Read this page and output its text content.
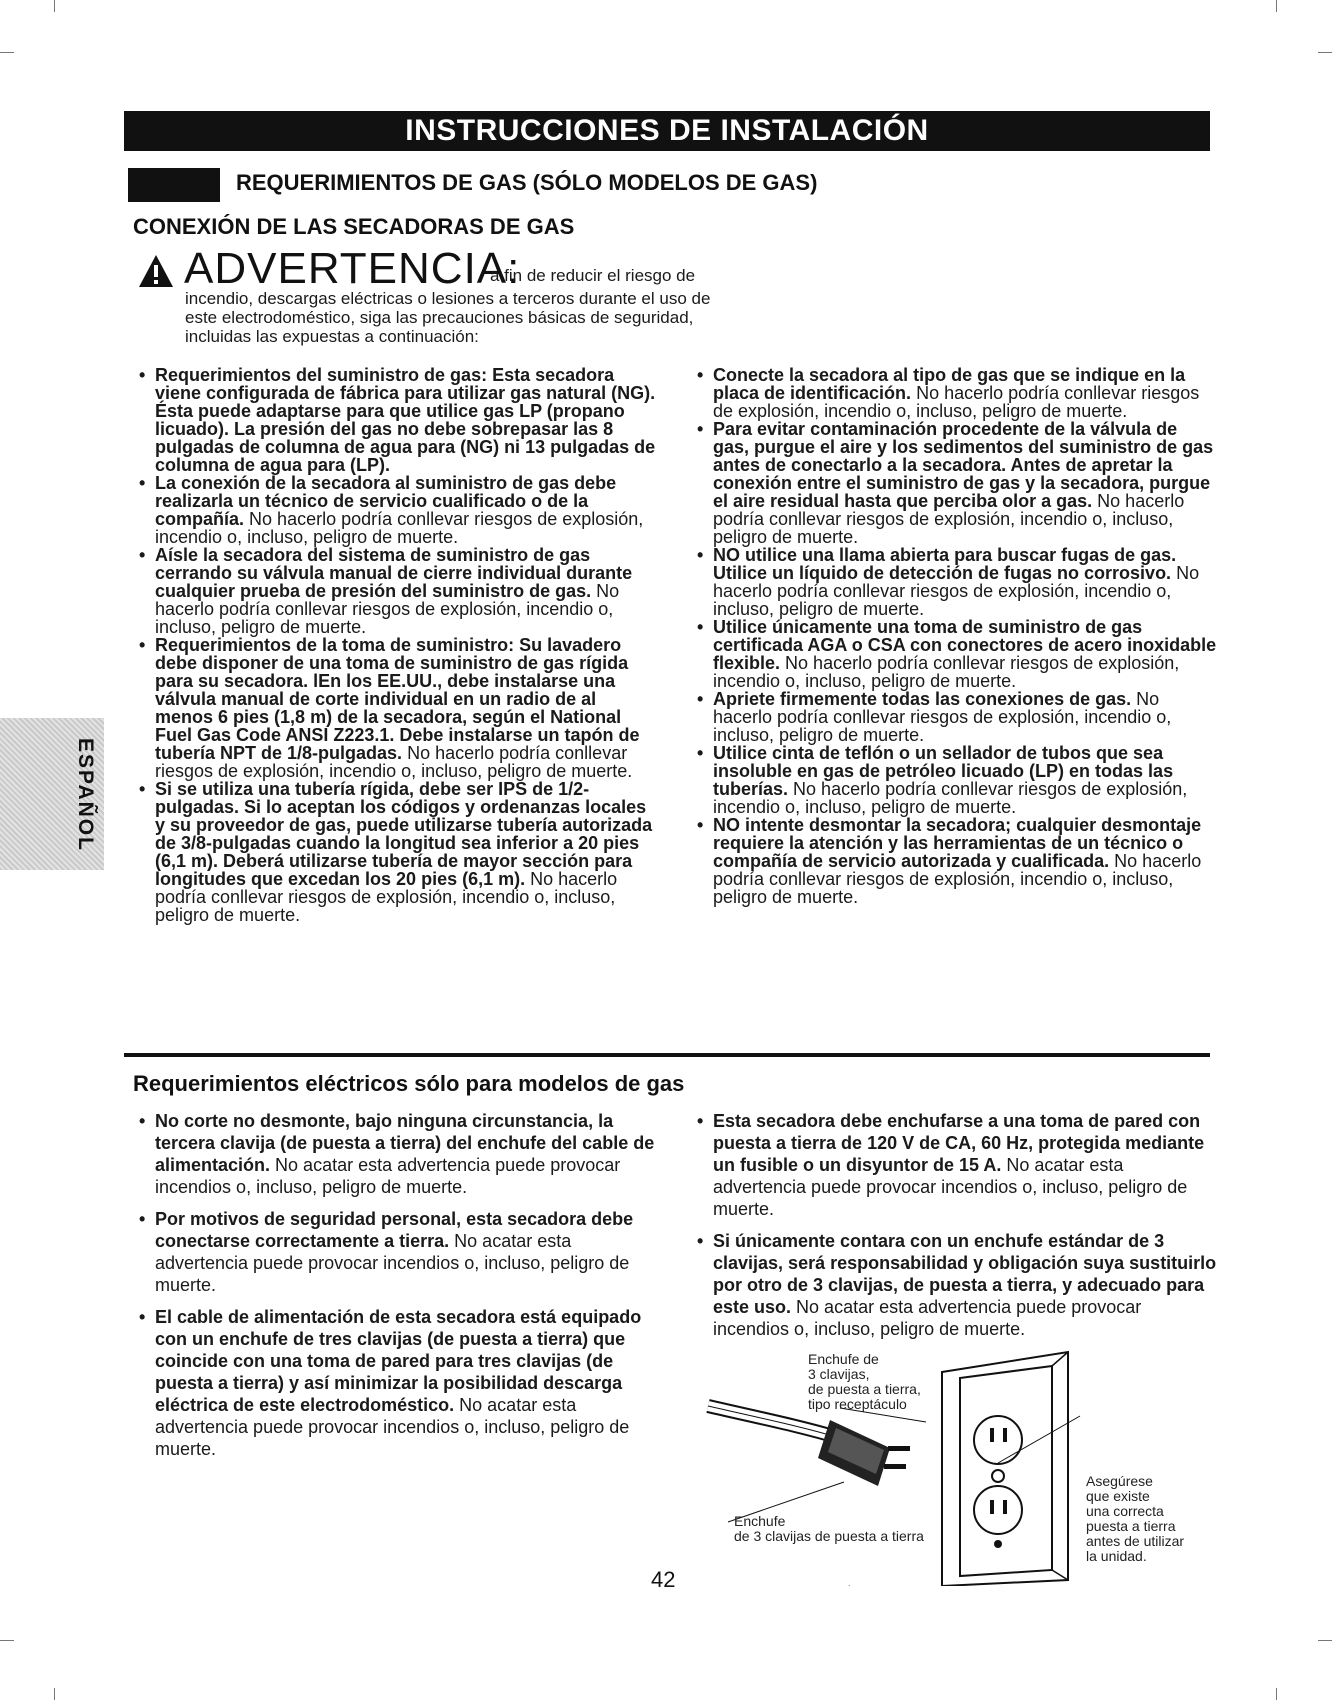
INSTRUCCIONES DE INSTALACIÓN
REQUERIMIENTOS DE GAS (SÓLO MODELOS DE GAS)
CONEXIÓN DE LAS SECADORAS DE GAS
ADVERTENCIA:
a fin de reducir el riesgo de
incendio, descargas eléctricas o lesiones a terceros durante el uso de este electrodoméstico, siga las precauciones básicas de seguridad, incluidas las expuestas a continuación:
• Requerimientos del suministro de gas: Esta secadora viene configurada de fábrica para utilizar gas natural (NG). Ésta puede adaptarse para que utilice gas LP (propano licuado). La presión del gas no debe sobrepasar las 8 pulgadas de columna de agua para (NG) ni 13 pulgadas de columna de agua para (LP).
• La conexión de la secadora al suministro de gas debe realizarla un técnico de servicio cualificado o de la compañía. No hacerlo podría conllevar riesgos de explosión, incendio o, incluso, peligro de muerte.
• Aísle la secadora del sistema de suministro de gas cerrando su válvula manual de cierre individual durante cualquier prueba de presión del suministro de gas. No hacerlo podría conllevar riesgos de explosión, incendio o, incluso, peligro de muerte.
• Requerimientos de la toma de suministro: Su lavadero debe disponer de una toma de suministro de gas rígida para su secadora. lEn los EE.UU., debe instalarse una válvula manual de corte individual en un radio de al menos 6 pies (1,8 m) de la secadora, según el National Fuel Gas Code ANSI Z223.1. Debe instalarse un tapón de tubería NPT de 1/8-pulgadas. No hacerlo podría conllevar riesgos de explosión, incendio o, incluso, peligro de muerte.
• Si se utiliza una tubería rígida, debe ser IPS de 1/2-pulgadas. Si lo aceptan los códigos y ordenanzas locales y su proveedor de gas, puede utilizarse tubería autorizada de 3/8-pulgadas cuando la longitud sea inferior a 20 pies (6,1 m). Deberá utilizarse tubería de mayor sección para longitudes que excedan los 20 pies (6,1 m). No hacerlo podría conllevar riesgos de explosión, incendio o, incluso, peligro de muerte.
• Conecte la secadora al tipo de gas que se indique en la placa de identificación. No hacerlo podría conllevar riesgos de explosión, incendio o, incluso, peligro de muerte.
• Para evitar contaminación procedente de la válvula de gas, purgue el aire y los sedimentos del suministro de gas antes de conectarlo a la secadora. Antes de apretar la conexión entre el suministro de gas y la secadora, purgue el aire residual hasta que perciba olor a gas. No hacerlo podría conllevar riesgos de explosión, incendio o, incluso, peligro de muerte.
• NO utilice una llama abierta para buscar fugas de gas. Utilice un líquido de detección de fugas no corrosivo. No hacerlo podría conllevar riesgos de explosión, incendio o, incluso, peligro de muerte.
• Utilice únicamente una toma de suministro de gas certificada AGA o CSA con conectores de acero inoxidable flexible. No hacerlo podría conllevar riesgos de explosión, incendio o, incluso, peligro de muerte.
• Apriete firmemente todas las conexiones de gas. No hacerlo podría conllevar riesgos de explosión, incendio o, incluso, peligro de muerte.
• Utilice cinta de teflón o un sellador de tubos que sea insoluble en gas de petróleo licuado (LP) en todas las tuberías. No hacerlo podría conllevar riesgos de explosión, incendio o, incluso, peligro de muerte.
• NO intente desmontar la secadora; cualquier desmontaje requiere la atención y las herramientas de un técnico o compañía de servicio autorizada y cualificada. No hacerlo podría conllevar riesgos de explosión, incendio o, incluso, peligro de muerte.
ESPAÑOL
Requerimientos eléctricos sólo para modelos de gas
• No corte no desmonte, bajo ninguna circunstancia, la tercera clavija (de puesta a tierra) del enchufe del cable de alimentación. No acatar esta advertencia puede provocar incendios o, incluso, peligro de muerte.
• Por motivos de seguridad personal, esta secadora debe conectarse correctamente a tierra. No acatar esta advertencia puede provocar incendios o, incluso, peligro de muerte.
• El cable de alimentación de esta secadora está equipado con un enchufe de tres clavijas (de puesta a tierra) que coincide con una toma de pared para tres clavijas (de puesta a tierra) y así minimizar la posibilidad descarga eléctrica de este electrodoméstico. No acatar esta advertencia puede provocar incendios o, incluso, peligro de muerte.
• Esta secadora debe enchufarse a una toma de pared con puesta a tierra de 120 V de CA, 60 Hz, protegida mediante un fusible o un disyuntor de 15 A. No acatar esta advertencia puede provocar incendios o, incluso, peligro de muerte.
• Si únicamente contara con un enchufe estándar de 3 clavijas, será responsabilidad y obligación suya sustituirlo por otro de 3 clavijas, de puesta a tierra, y adecuado para este uso. No acatar esta advertencia puede provocar incendios o, incluso, peligro de muerte.
Enchufe de
3 clavijas,
de puesta a tierra,
tipo receptáculo
Enchufe
de 3 clavijas de puesta a tierra
Asegúrese
que existe
una correcta
puesta a tierra
antes de utilizar
la unidad.
42
